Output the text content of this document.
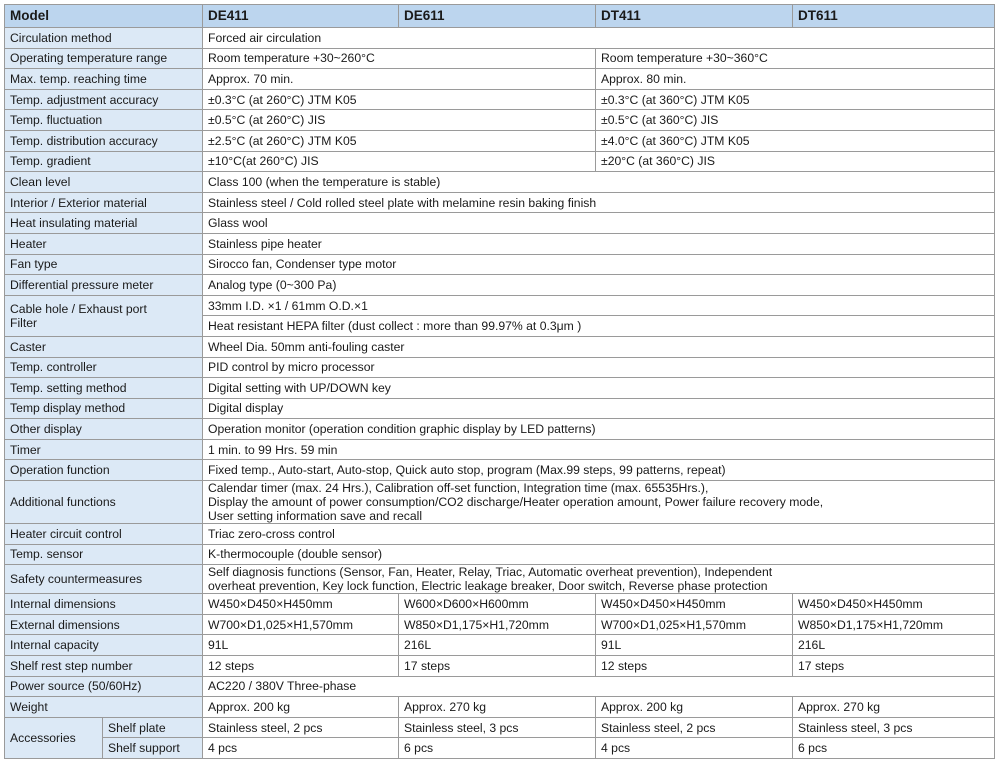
Model		DE411	DE611	DT411	DT611
Circulation method		Forced air circulation			
Operating temperature range		Room temperature +30~260°C		Room temperature +30~360°C	
Max. temp. reaching time		Approx. 70 min.		Approx. 80 min.	
Temp. adjustment accuracy		±0.3°C (at 260°C) JTM K05		±0.3°C (at 360°C) JTM K05	
Temp. fluctuation		±0.5°C (at 260°C) JIS		±0.5°C (at 360°C) JIS	
Temp. distribution accuracy		±2.5°C (at 260°C) JTM K05		±4.0°C (at 360°C) JTM K05	
Temp. gradient		±10°C(at 260°C) JIS		±20°C (at 360°C) JIS	
Clean level		Class 100 (when the temperature is stable)			
Interior / Exterior material		Stainless steel / Cold rolled steel plate with melamine resin baking finish			
Heat insulating material		Glass wool			
Heater		Stainless pipe heater			
Fan type		Sirocco fan, Condenser type motor			
Differential pressure meter		Analog type (0~300 Pa)			

Cable hole / Exhaust port
Filter		33mm I.D. ×1 / 61mm O.D.×1			
		Heat resistant HEPA filter (dust collect : more than 99.97% at 0.3μm )			
Caster		Wheel Dia. 50mm anti-fouling caster			
Temp. controller		PID control by micro processor			
Temp. setting method		Digital setting with UP/DOWN key			
Temp display method		Digital display			
Other display		Operation monitor (operation condition graphic display by LED patterns)			
Timer		1 min. to 99 Hrs. 59 min			
Operation function		Fixed temp., Auto-start, Auto-stop, Quick auto stop, program (Max.99 steps, 99 patterns, repeat)			
Additional functions		Calendar timer (max. 24 Hrs.), Calibration off-set function, Integration time (max. 65535Hrs.),
Display the amount of power consumption/CO2 discharge/Heater operation amount, Power failure recovery mode,
User setting information save and recall			

Heater circuit control		Triac zero-cross control			
Temp. sensor		K-thermocouple (double sensor)			
Safety countermeasures		Self diagnosis functions (Sensor, Fan, Heater, Relay, Triac, Automatic overheat prevention), Independent
overheat prevention, Key lock function, Electric leakage breaker, Door switch, Reverse phase protection			

Internal dimensions		W450×D450×H450mm	W600×D600×H600mm	W450×D450×H450mm	W450×D450×H450mm
External dimensions		W700×D1,025×H1,570mm	W850×D1,175×H1,720mm	W700×D1,025×H1,570mm	W850×D1,175×H1,720mm
Internal capacity		91L	216L	91L	216L
Shelf rest step number		12 steps	17 steps	12 steps	17 steps
Power source (50/60Hz)		AC220 / 380V Three-phase			
Weight		Approx. 200 kg	Approx. 270 kg	Approx. 200 kg	Approx. 270 kg
Accessories	Shelf plate	Stainless steel, 2 pcs	Stainless steel, 3 pcs	Stainless steel, 2 pcs	Stainless steel, 3 pcs
	Shelf support	4 pcs	6 pcs	4 pcs	6 pcs
